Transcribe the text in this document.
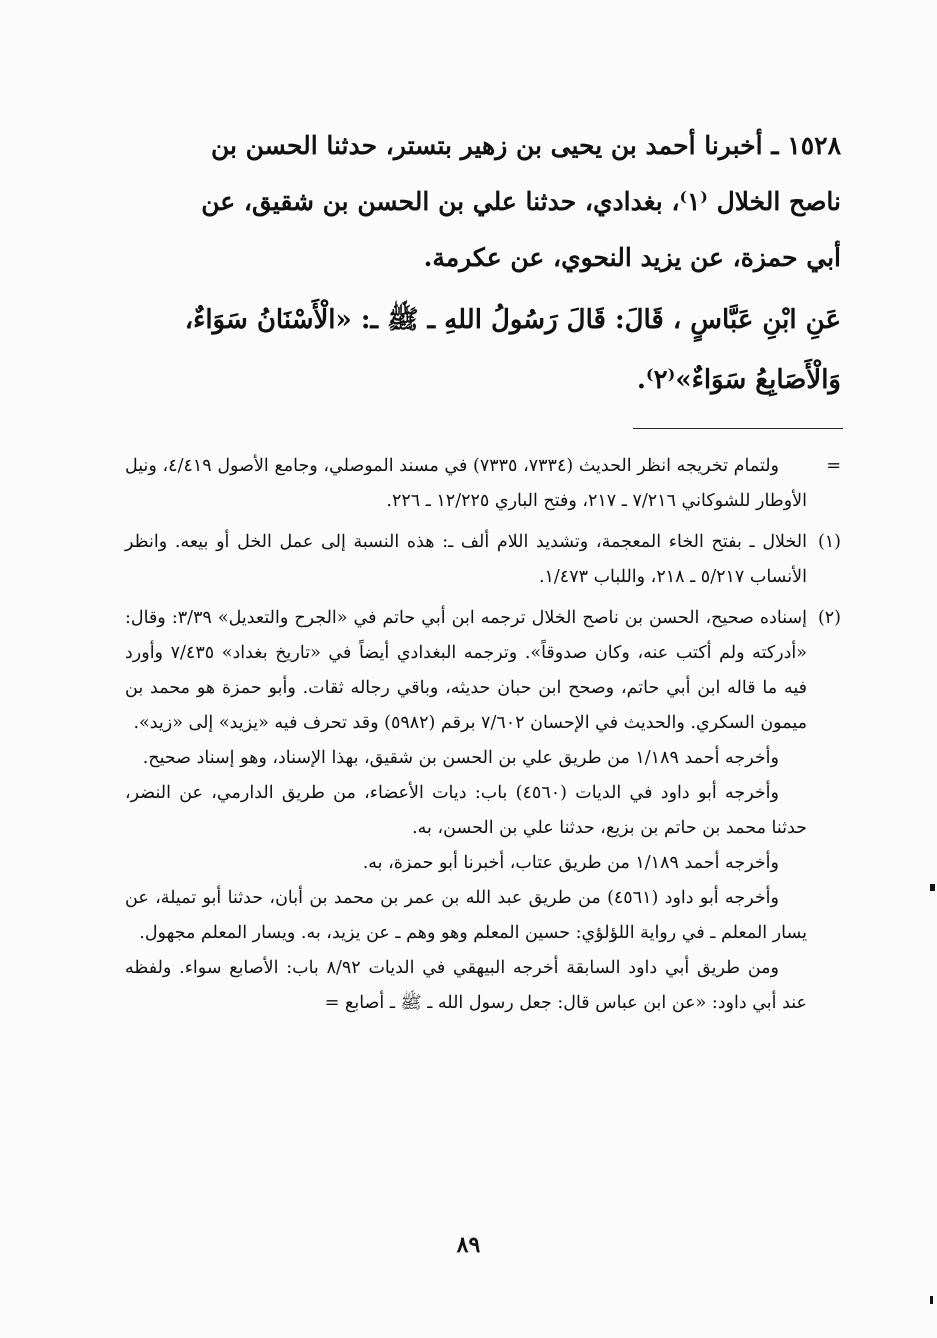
١٥٢٨ ـ أخبرنا أحمد بن يحيى بن زهير بتستر، حدثنا الحسن بن

ناصح الخلال ⁽١⁾، بغدادي، حدثنا علي بن الحسن بن شقيق، عن

أبي حمزة، عن يزيد النحوي، عن عكرمة.

عَنِ ابْنِ عَبَّاسٍ ، قَالَ: قَالَ رَسُولُ اللهِ ـ ﷺ ـ: «الْأَسْنَانُ سَوَاءٌ،

وَالْأَصَابِعُ سَوَاءٌ»⁽٢⁾.

=

ولتمام تخريجه انظر الحديث (٧٣٣٤، ٧٣٣٥) في مسند الموصلي، وجامع الأصول ٤/٤١٩، ونيل الأوطار للشوكاني ٧/٢١٦ ـ ٢١٧، وفتح الباري ١٢/٢٢٥ ـ ٢٢٦.

(١)

الخلال ـ بفتح الخاء المعجمة، وتشديد اللام ألف ـ: هذه النسبة إلى عمل الخل أو بيعه. وانظر الأنساب ٥/٢١٧ ـ ٢١٨، واللباب ١/٤٧٣.

(٢)

إسناده صحيح، الحسن بن ناصح الخلال ترجمه ابن أبي حاتم في «الجرح والتعديل» ٣/٣٩: وقال: «أدركته ولم أكتب عنه، وكان صدوقاً». وترجمه البغدادي أيضاً في «تاريخ بغداد» ٧/٤٣٥ وأورد فيه ما قاله ابن أبي حاتم، وصحح ابن حبان حديثه، وباقي رجاله ثقات. وأبو حمزة هو محمد بن ميمون السكري. والحديث في الإحسان ٧/٦٠٢ برقم (٥٩٨٢) وقد تحرف فيه «يزيد» إلى «زيد».

وأخرجه أحمد ١/١٨٩ من طريق علي بن الحسن بن شقيق، بهذا الإسناد، وهو إسناد صحيح.

وأخرجه أبو داود في الديات (٤٥٦٠) باب: ديات الأعضاء، من طريق الدارمي، عن النضر، حدثنا محمد بن حاتم بن بزيع، حدثنا علي بن الحسن، به.

وأخرجه أحمد ١/١٨٩ من طريق عتاب، أخبرنا أبو حمزة، به.

وأخرجه أبو داود (٤٥٦١) من طريق عبد الله بن عمر بن محمد بن أبان، حدثنا أبو تميلة، عن يسار المعلم ـ في رواية اللؤلؤي: حسين المعلم وهو وهم ـ عن يزيد، به. ويسار المعلم مجهول.

ومن طريق أبي داود السابقة أخرجه البيهقي في الديات ٨/٩٢ باب: الأصابع سواء. ولفظه عند أبي داود: «عن ابن عباس قال: جعل رسول الله ـ ﷺ ـ أصابع =

٨٩
